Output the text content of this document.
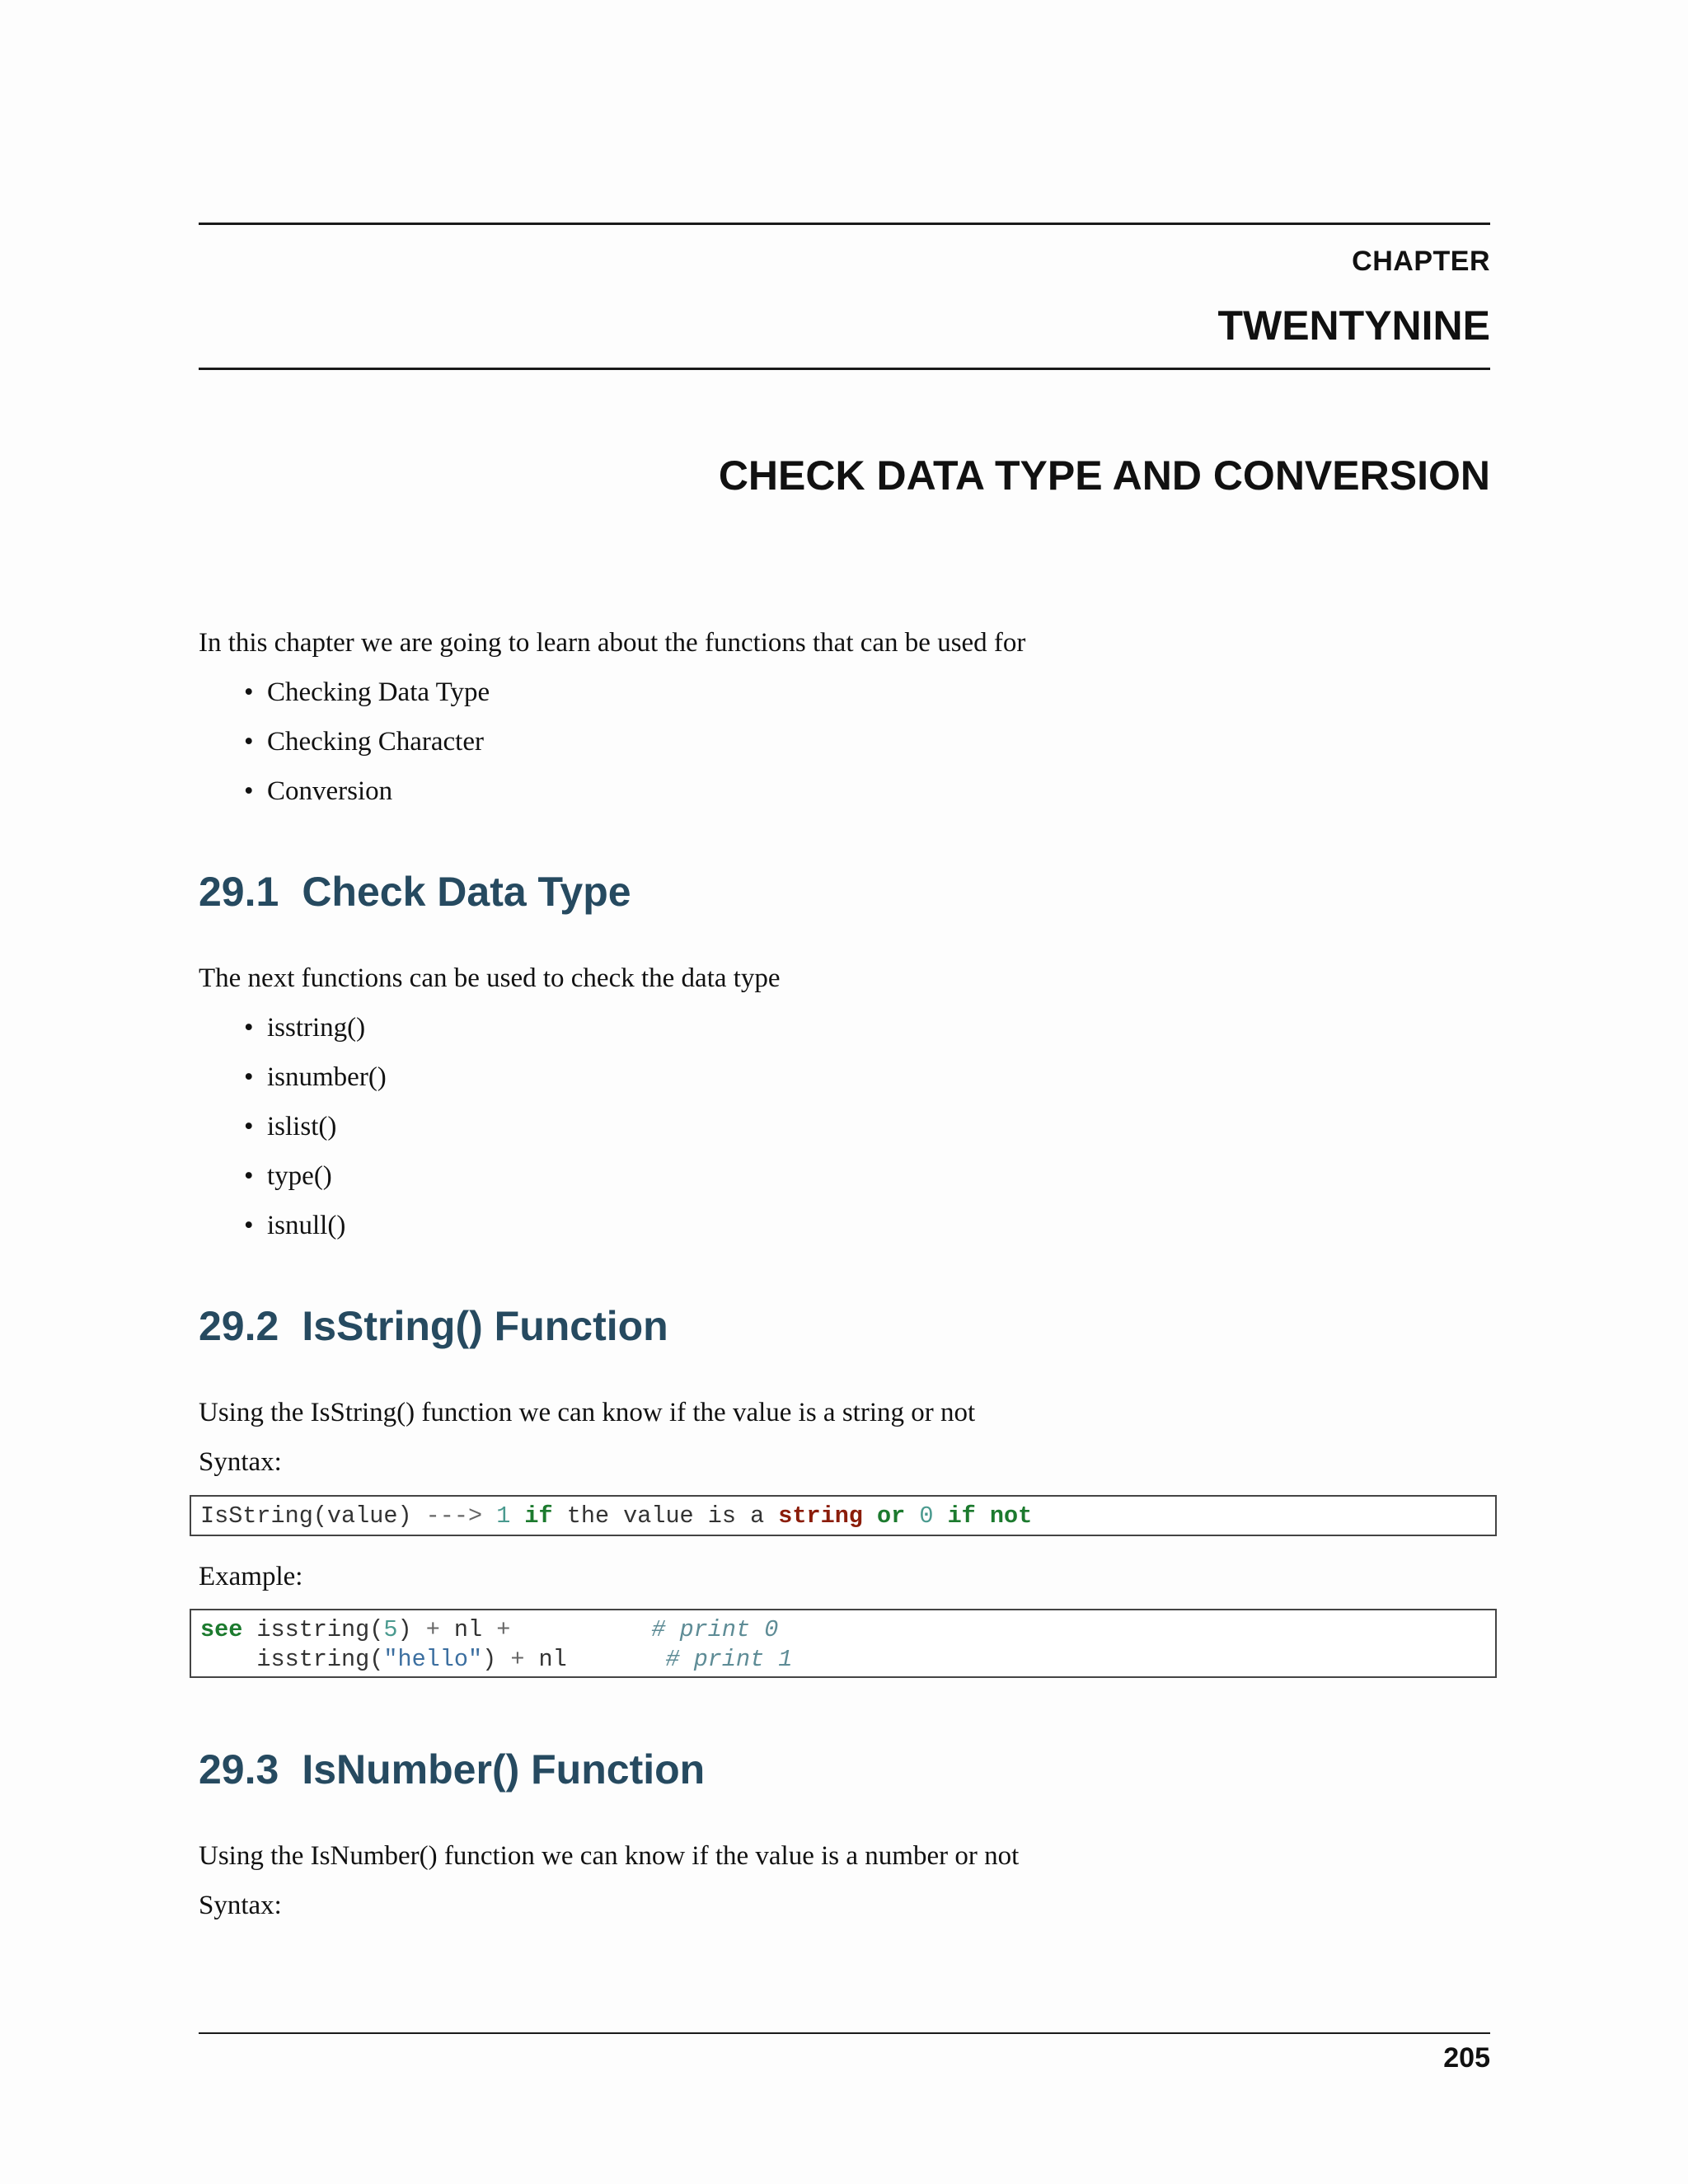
CHAPTER
TWENTYNINE
CHECK DATA TYPE AND CONVERSION
In this chapter we are going to learn about the functions that can be used for
• Checking Data Type
• Checking Character
• Conversion
29.1 Check Data Type
The next functions can be used to check the data type
• isstring()
• isnumber()
• islist()
• type()
• isnull()
29.2 IsString() Function
Using the IsString() function we can know if the value is a string or not
Syntax:
IsString(value) ---> 1 if the value is a string or 0 if not
Example:
see isstring(5) + nl +	# print 0
isstring("hello") + nl	# print 1
29.3 IsNumber() Function
Using the IsNumber() function we can know if the value is a number or not
Syntax:
205
